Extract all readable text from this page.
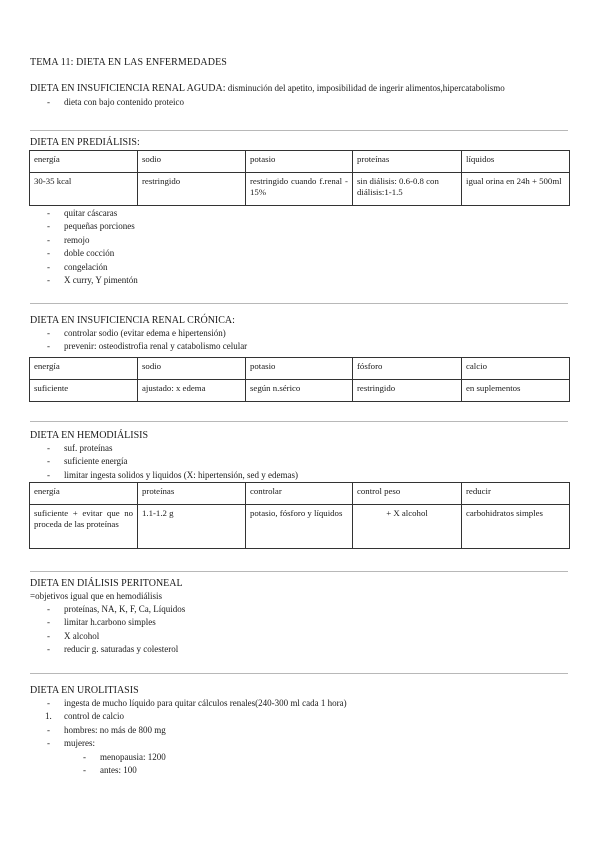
TEMA 11: DIETA EN LAS ENFERMEDADES
DIETA EN INSUFICIENCIA RENAL AGUDA: disminución del apetito, imposibilidad de ingerir alimentos,hipercatabolismo
- dieta con bajo contenido proteico
DIETA EN PREDIÁLISIS:
energía	sodio	potasio	proteínas	líquidos
30-35 kcal	restringido	restringido cuando f.renal - 15%	sin diálisis: 0.6-0.8 con diálisis:1-1.5	igual orina en 24h + 500ml
- quitar cáscaras
- pequeñas porciones
- remojo
- doble cocción
- congelación
- X curry, Y pimentón
DIETA EN INSUFICIENCIA RENAL CRÓNICA:
- controlar sodio (evitar edema e hipertensión)
- prevenir: osteodistrofia renal y catabolismo celular
energía	sodio	potasio	fósforo	calcio
suficiente	ajustado: x edema	según n.sérico	restringido	en suplementos
DIETA EN HEMODIÁLISIS
- suf. proteínas
- suficiente energía
- limitar ingesta solidos y liquidos (X: hipertensión, sed y edemas)
energía	proteínas	controlar	control peso	reducir
suficiente + evitar que no proceda de las proteínas	1.1-1.2 g	potasio, fósforo y líquidos	+ X alcohol	carbohidratos simples
DIETA EN DIÁLISIS PERITONEAL
=objetivos igual que en hemodiálisis
- proteínas, NA, K, F, Ca, Líquidos
- limitar h.carbono simples
- X alcohol
- reducir g. saturadas y colesterol
DIETA EN UROLITIASIS
- ingesta de mucho líquido para quitar cálculos renales(240-300 ml cada 1 hora)
1. control de calcio
- hombres: no más de 800 mg
- mujeres:
- menopausia: 1200
- antes: 100
